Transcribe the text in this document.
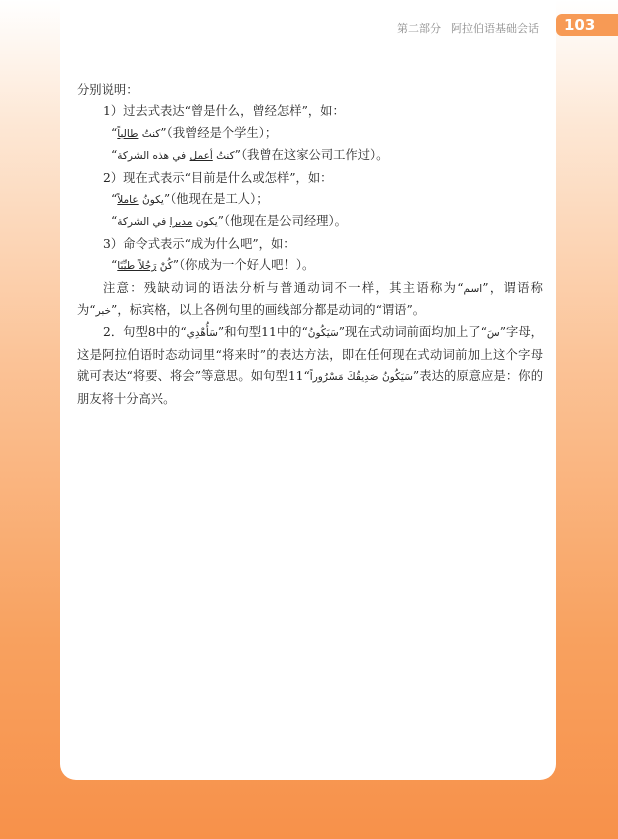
第二部分 阿拉伯语基础会话	103
分别说明：
1）过去式表达“曾是什么，曾经怎样”，如：
“ كنتُ طالباً ”（我曾经是个学生）；
“	كنتُ أعمل في هذه الشركة	”（我曾在这家公司工作过）。
2）现在式表示“目前是什么或怎样”，如：
“ يكونُ عاملاً ”（他现在是工人）；
“	يكون مديرا في الشركة	”（他现在是公司经理）。
3）命令式表示“成为什么吧”，如：
“	كُنْ رَجُلاً طيِّبًا ”（你成为一个好人吧！）。
注意：残缺动词的语法分析与普通动词不一样，其主语称为“اسم”，谓语称为“خبر”，标宾格，以上各例句里的画线部分都是动词的“谓语”。
2．句型8中的“سَأُهْدِي”和句型11中的“سَيَكُونُ”现在式动词前面均加上了“سَ”字母，这是阿拉伯语时态动词里“将来时”的表达方法，即在任何现在式动词前加上这个字母就可表达“将要、将会”等意思。如句型11“سَيَكُونُ صَدِيقُكَ مَسْرُوراً”表达的原意应是：你的朋友将十分高兴。
